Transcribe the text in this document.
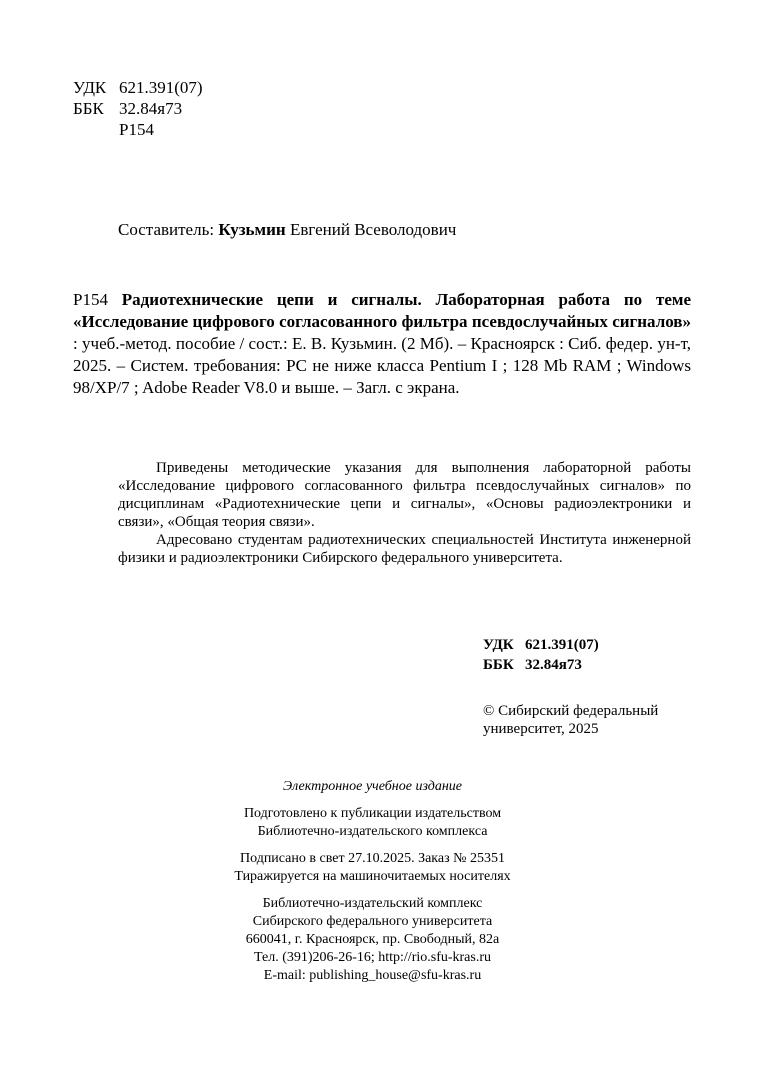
УДК 621.391(07)
ББК 32.84я73
Р154
Составитель: Кузьмин Евгений Всеволодович
Р154 Радиотехнические цепи и сигналы. Лабораторная работа по теме «Исследование цифрового согласованного фильтра псевдослучайных сигналов» : учеб.-метод. пособие / сост.: Е. В. Кузьмин. (2 Мб). – Красноярск : Сиб. федер. ун-т, 2025. – Систем. требования: PC не ниже класса Pentium I ; 128 Mb RAM ; Windows 98/XP/7 ; Adobe Reader V8.0 и выше. – Загл. с экрана.

Приведены методические указания для выполнения лабораторной работы «Исследование цифрового согласованного фильтра псевдослучайных сигналов» по дисциплинам «Радиотехнические цепи и сигналы», «Основы радиоэлектроники и связи», «Общая теория связи».

Адресовано студентам радиотехнических специальностей Института инженерной физики и радиоэлектроники Сибирского федерального университета.

УДК 621.391(07)
ББК 32.84я73
© Сибирский федеральный
университет, 2025
Электронное учебное издание
Подготовлено к публикации издательством
Библиотечно-издательского комплекса
Подписано в свет 27.10.2025. Заказ № 25351
Тиражируется на машиночитаемых носителях
Библиотечно-издательский комплекс
Сибирского федерального университета
660041, г. Красноярск, пр. Свободный, 82а
Тел. (391)206-26-16; http://rio.sfu-kras.ru
E-mail: publishing_house@sfu-kras.ru
